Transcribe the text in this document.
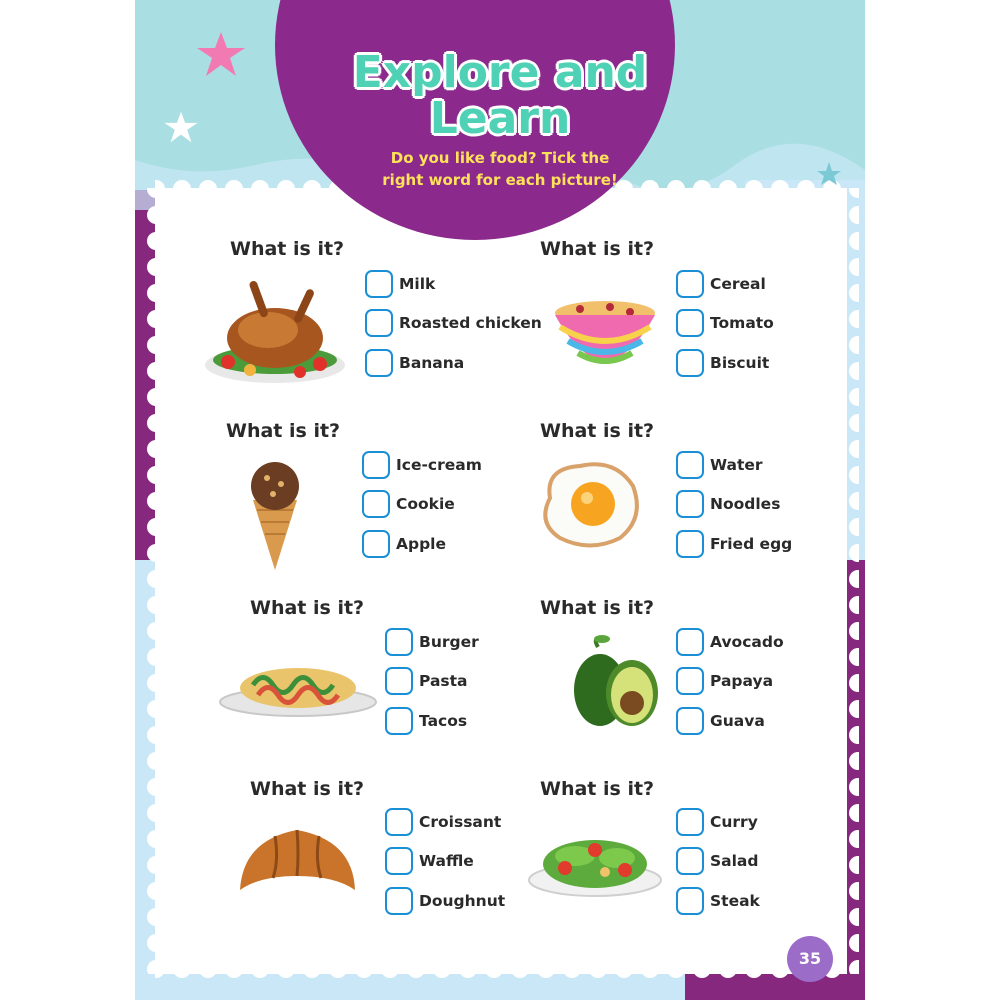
Explore and
Learn
Do you like food? Tick the
right word for each picture!
What is it?
Milk
Roasted chicken
Banana
What is it?
Cereal
Tomato
Biscuit
What is it?
Ice-cream
Cookie
Apple
What is it?
Water
Noodles
Fried egg
What is it?
Burger
Pasta
Tacos
What is it?
Avocado
Papaya
Guava
What is it?
Croissant
Waffle
Doughnut
What is it?
Curry
Salad
Steak
35
